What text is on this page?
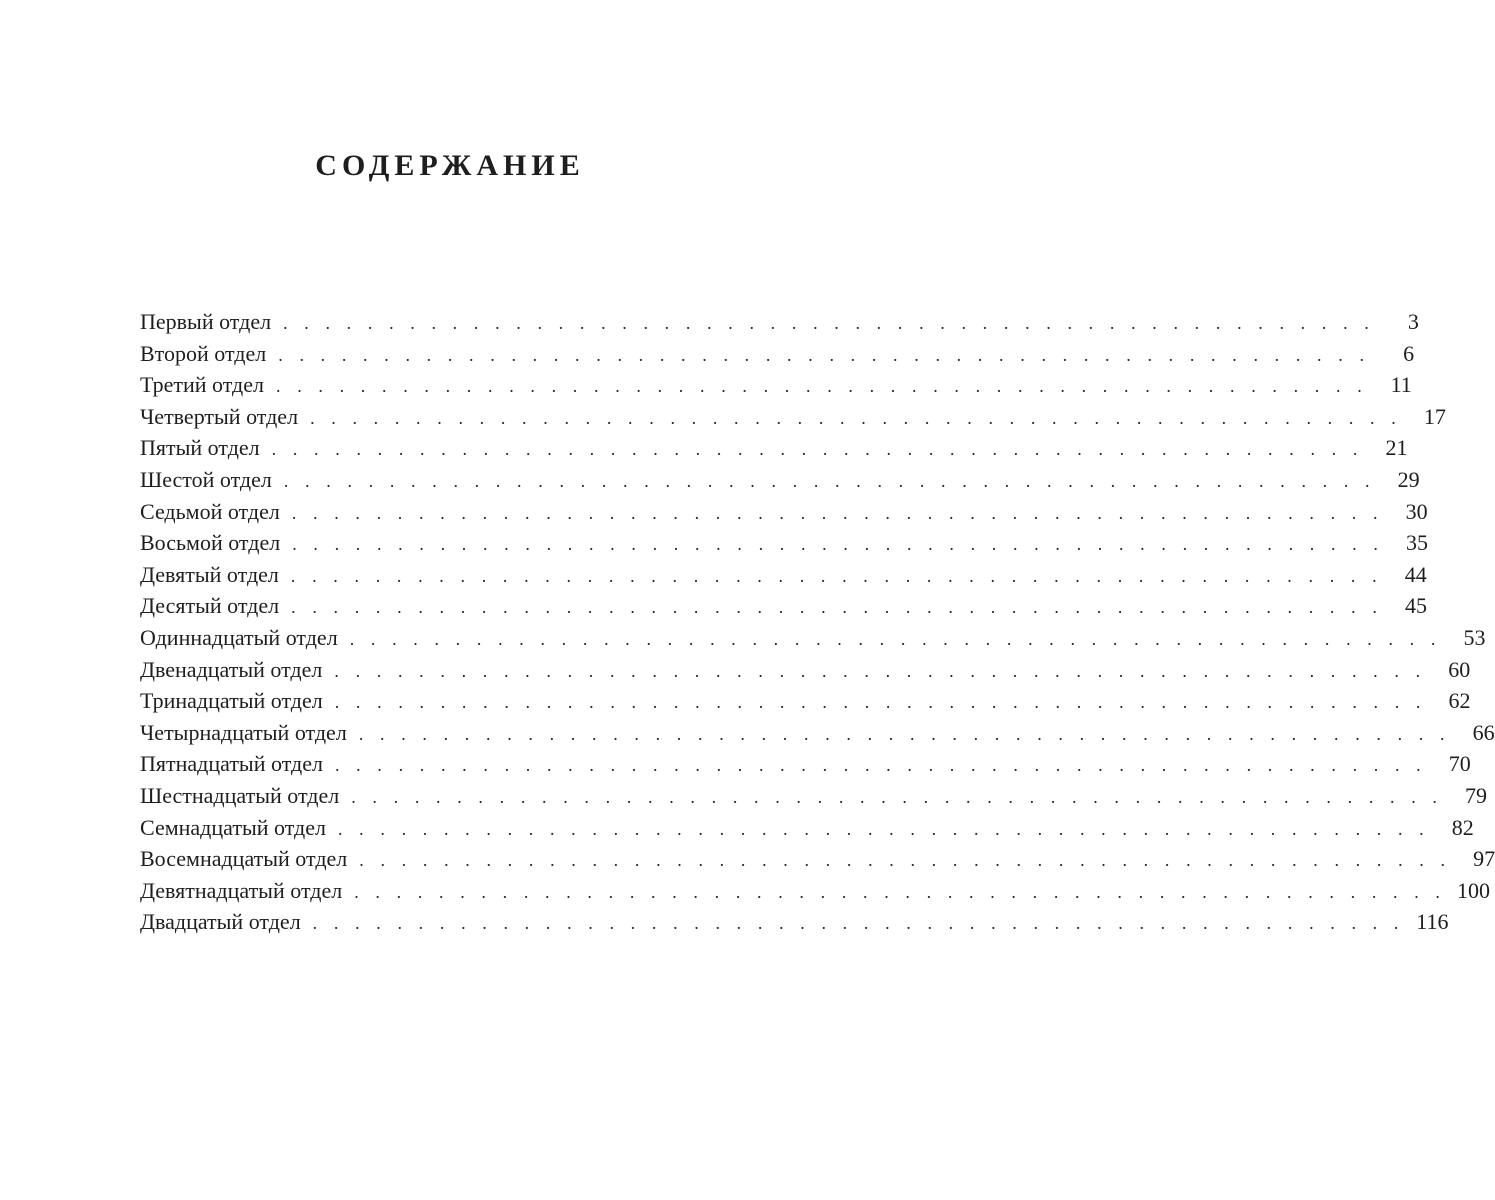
СОДЕРЖАНИЕ
Первый отдел . . . . . . . . . . . . . . . . . . . . . . . . . . . . . . . . . . . . . . . . . . . . . . . . . . . .	3
Второй отдел . . . . . . . . . . . . . . . . . . . . . . . . . . . . . . . . . . . . . . . . . . . . . . . . . . . .	6
Третий отдел . . . . . . . . . . . . . . . . . . . . . . . . . . . . . . . . . . . . . . . . . . . . . . . . . . . .	11
Четвертый отдел . . . . . . . . . . . . . . . . . . . . . . . . . . . . . . . . . . . . . . . . . . . . . . . . . . . .	17
Пятый отдел . . . . . . . . . . . . . . . . . . . . . . . . . . . . . . . . . . . . . . . . . . . . . . . . . . . .	21
Шестой отдел . . . . . . . . . . . . . . . . . . . . . . . . . . . . . . . . . . . . . . . . . . . . . . . . . . . .	29
Седьмой отдел . . . . . . . . . . . . . . . . . . . . . . . . . . . . . . . . . . . . . . . . . . . . . . . . . . . .	30
Восьмой отдел . . . . . . . . . . . . . . . . . . . . . . . . . . . . . . . . . . . . . . . . . . . . . . . . . . . .	35
Девятый отдел . . . . . . . . . . . . . . . . . . . . . . . . . . . . . . . . . . . . . . . . . . . . . . . . . . . .	44
Десятый отдел . . . . . . . . . . . . . . . . . . . . . . . . . . . . . . . . . . . . . . . . . . . . . . . . . . . .	45
Одиннадцатый отдел . . . . . . . . . . . . . . . . . . . . . . . . . . . . . . . . . . . . . . . . . . . . . . . . . . . .	53
Двенадцатый отдел . . . . . . . . . . . . . . . . . . . . . . . . . . . . . . . . . . . . . . . . . . . . . . . . . . . .	60
Тринадцатый отдел . . . . . . . . . . . . . . . . . . . . . . . . . . . . . . . . . . . . . . . . . . . . . . . . . . . .	62
Четырнадцатый отдел . . . . . . . . . . . . . . . . . . . . . . . . . . . . . . . . . . . . . . . . . . . . . . . . . . . .	66
Пятнадцатый отдел . . . . . . . . . . . . . . . . . . . . . . . . . . . . . . . . . . . . . . . . . . . . . . . . . . . .	70
Шестнадцатый отдел . . . . . . . . . . . . . . . . . . . . . . . . . . . . . . . . . . . . . . . . . . . . . . . . . . . .	79
Семнадцатый отдел . . . . . . . . . . . . . . . . . . . . . . . . . . . . . . . . . . . . . . . . . . . . . . . . . . . .	82
Восемнадцатый отдел . . . . . . . . . . . . . . . . . . . . . . . . . . . . . . . . . . . . . . . . . . . . . . . . . . . .	97
Девятнадцатый отдел . . . . . . . . . . . . . . . . . . . . . . . . . . . . . . . . . . . . . . . . . . . . . . . . . . . . 100
Двадцатый отдел . . . . . . . . . . . . . . . . . . . . . . . . . . . . . . . . . . . . . . . . . . . . . . . . . . . . 116
